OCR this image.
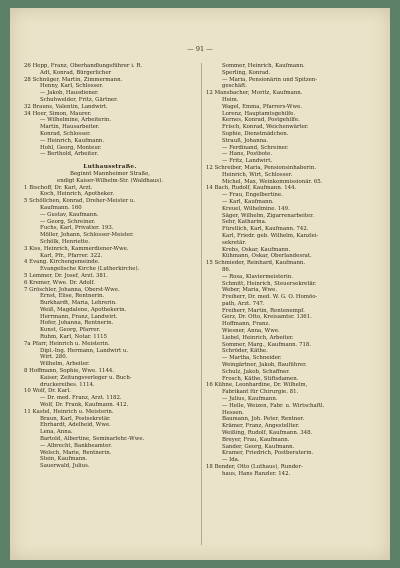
— 91 —
26 Hepp, Franz, Oberhandlungsführer i. R.
Adt, Konrad, Bürgerlicher
28 Schnüger, Martin, Zimmermann.
Henny, Karl, Schlosser.
— Jakob, Hausdiener.
Schuhwelder, Fritz, Gärtner.
32 Brauns, Valentin, Landwirt.
34 Heer, Simon, Maurer.
— Wilhelmine, Arbeiterin.
Martin, Hausarbeiter.
Konrad, Schlosser.
— Heinrich, Kaufmann.
Hohl, Georg, Monteur.
— Berthold, Arbeiter.
Luthausstraße.
Beginnt Mannheimer Straße,
endigt Kaiser-Wilhelm-Str. (Waldhaus).
1 Bischoff, Dr. Karl, Arzt.
Koch, Heinrich, Apotheker.
5 Schöllchen, Konrad, Dreher-Meister u.
Kaufmann. 160
— Gustav, Kaufmann.
— Georg, Schreiner.
Fuchs, Karl, Privatier. 193.
Möller, Johann, Schlosser-Meister.
Schölk, Henriette.
3 Kiss, Heinrich, Kammerdiener-Wwe.
Karl, Pfr., Pfarrer. 322.
4 Evang. Kirchengemeinde.
Evangelische Kirche (Lutherkirche).
5 Lemmer, Dr. Josef, Arzt. 381.
6 Kremer, Wwe. Dr. Adolf.
7 Gröschler, Johanna, Oberst-Wwe.
Ernst, Elise, Rentnerin.
Burkhardt, Maria, Lehrerin.
Weiß, Magdalene, Apothekerin.
Herrmann, Franz, Landwirt.
Hofer, Johanna, Rentnerin.
Kunst, Georg, Pfarrer.
Ruhm, Karl, Notar. 1115
7a Pfarr, Heinrich u. Meisterin.
Dipl.-Ing. Hermann, Landwirt u.
Wirt. 280.
Wilhelm, Arbeiter.
8 Hoffmann, Sophie, Wwe. 1144.
Kaiser, Zeitungsverleger u. Buch-
druckereibes. 1114.
10 Wolf, Dr. Karl.
— Dr. med. Franz, Arzt. 1182.
Wolf, Dr. Frank, Kaufmann. 412.
11 Kastel, Heinrich u. Meisterin.
Braun, Karl, Postsekretär.
Ehrhardt, Adelheid, Wwe.
Lena, Anna.
Bartold, Albertine, Seminarlehr.-Wwe.
— Albrecht, Bankbeamter.
Welsch, Marie, Rentnerin.
Stein, Kaufmann.
Sauerwald, Julius.
Sommer, Heinrich, Kaufmann.
Sperling, Konrad.
— Maria, Pensionärin und Spitzen-
geschäft.
12 Mansbacher, Moritz, Kaufmann.
Heim.
Wagel, Emma, Pfarrers-Wwe.
Lorenz, Hauptamtsgehilfe.
Kernes, Konrad, Postgehilfe.
Frisch, Konrad, Weichenwärter.
Sophie, Dienstmädchen.
Strauß, Johanna.
— Ferdinand, Schreiner.
— Hans, Postbote.
— Fritz, Landwirt.
12 Schreiber, Maria, Pensionsinhaberin.
Heinrich, Wirt, Schlosser.
Michel, Max, Weinkommissionär. 65.
14 Bach, Rudolf, Kaufmann. 144.
— Frau, Engelbertine.
— Karl, Kaufmann.
Kreuel, Wilhelmine. 149.
Säger, Wilhelm, Zigarrenarbeiter.
Sehr, Katharina.
Fürstlich, Karl, Kaufmann. 742.
Karl, Friedr. geb. Wilhelm, Kanzlei-
sekretär.
Krebs, Oskar, Kaufmann.
Kühmann, Oskar, Oberlandesrat.
15 Schmieder, Reinhard, Kaufmann.
86.
— Rosa, Klaviermeisterin.
Schmitt, Heinrich, Steuersekretär.
Weber, Maria, Wwe.
Freiherr, Dr. med. W. G. O. Homöo-
path, Arzt. 747.
Freiherr, Martin, Rentenempf.
Gerz, Dr. Otto, Kreisamtsr. 1361.
Hoffmann, Franz.
Wiesner, Anna, Wwe.
Liebel, Heinrich, Arbeiter.
Sommer, Marg., Kaufmann. 718.
Schröder, Käthe.
— Martha, Schneider.
Weingärtner, Jakob, Bauführer.
Schulz, Jakob, Schaffner.
Frosch, Käthe, Stiftsdamen.
16 Kühne, Leonhardine, Dr. Wilhelm,
Fabrikant für Chirurgie. 81.
— Julius, Kaufmann.
— Helle, Weizen, Fabr. u. Wirtschaftl.
Hessen.
Baumann, Joh. Peter, Rentner.
Krämer, Franz, Angestellter.
Weißing, Rudolf, Kaufmann. 348.
Breyer, Frau, Kaufmann.
Sander, Georg, Kaufmann.
Kramer, Friedrich, Postberaterin.
— Ida.
18 Bender, Otto (Luthaus), Runder-
haus, Hans Ranzler. 142.
